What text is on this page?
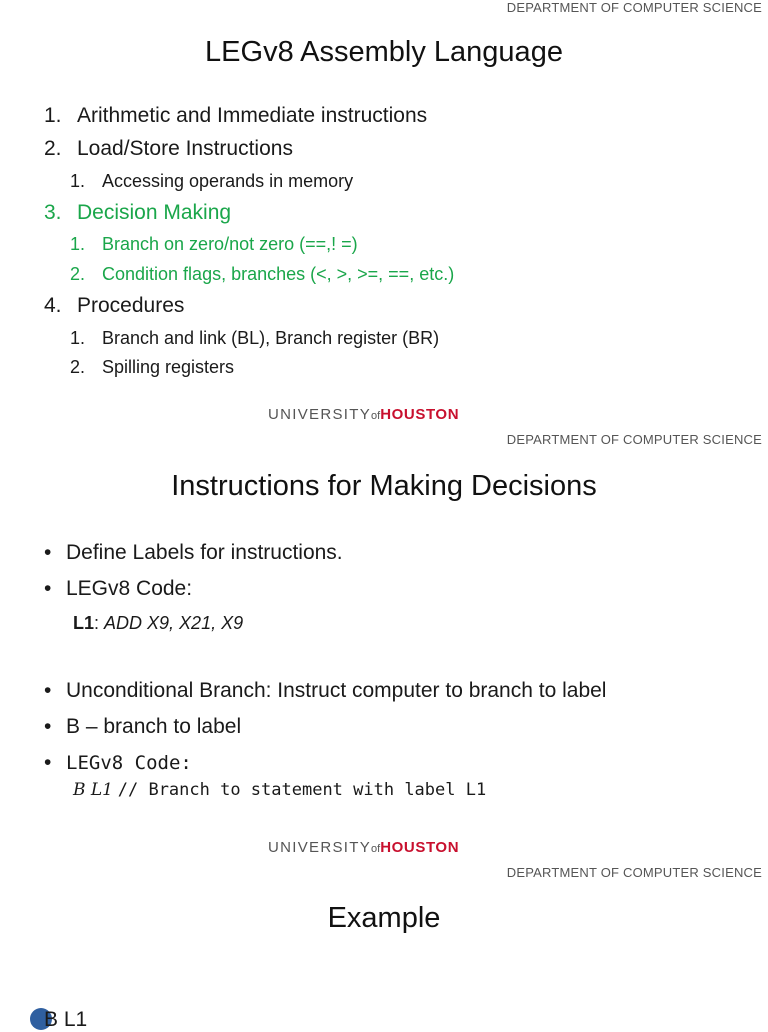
DEPARTMENT OF COMPUTER SCIENCE
LEGv8 Assembly Language
1. Arithmetic and Immediate instructions
2. Load/Store Instructions
1. Accessing operands in memory
3. Decision Making
1. Branch on zero/not zero (==,! =)
2. Condition flags, branches (<, >, >=, ==, etc.)
4. Procedures
1. Branch and link (BL), Branch register (BR)
2. Spilling registers
UNIVERSITYofHOUSTON
DEPARTMENT OF COMPUTER SCIENCE
Instructions for Making Decisions
• Define Labels for instructions.
• LEGv8 Code:
L1: ADD X9, X21, X9
• Unconditional Branch: Instruct computer to branch to label
• B – branch to label
• LEGv8 Code:
B L1 // Branch to statement with label L1
UNIVERSITYofHOUSTON
DEPARTMENT OF COMPUTER SCIENCE
Example
B L1
